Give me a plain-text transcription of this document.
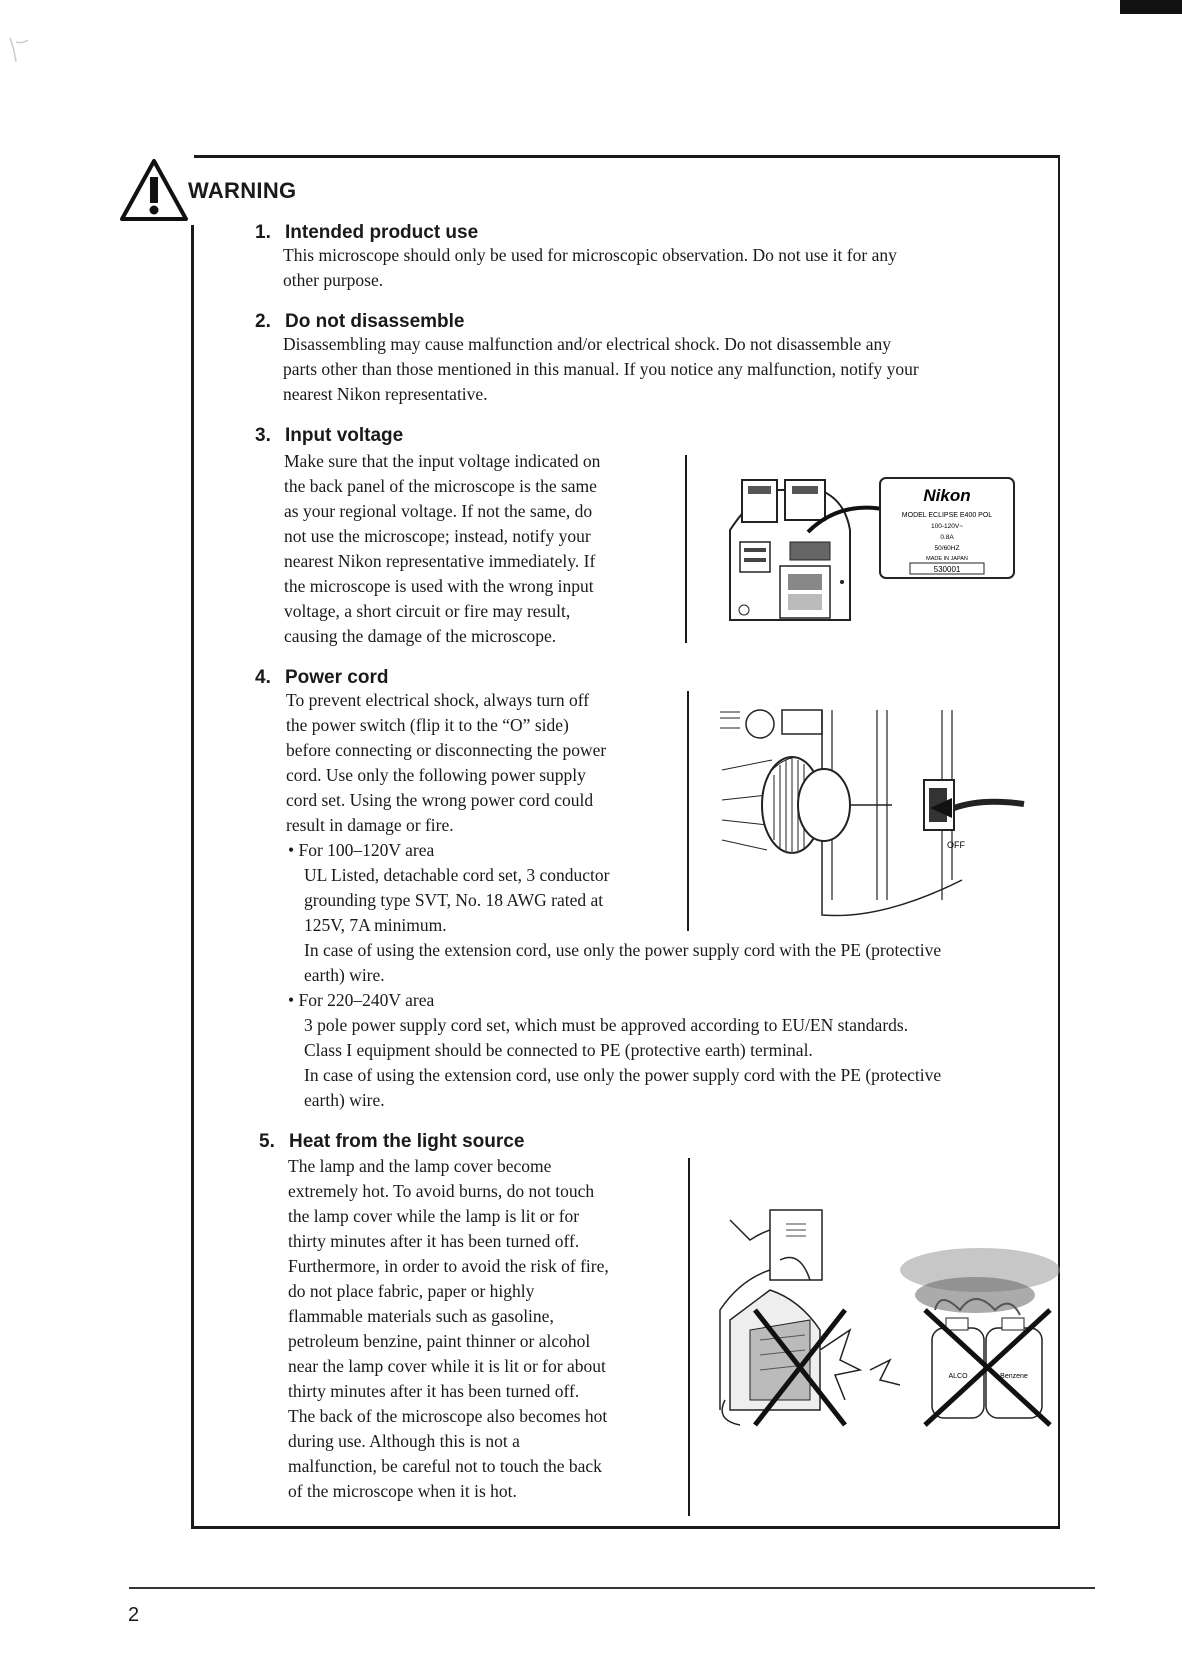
WARNING
1. Intended product use
This microscope should only be used for microscopic observation. Do not use it for any
other purpose.
2. Do not disassemble
Disassembling may cause malfunction and/or electrical shock. Do not disassemble any
parts other than those mentioned in this manual. If you notice any malfunction, notify your
nearest Nikon representative.
3. Input voltage
Make sure that the input voltage indicated on
the back panel of the microscope is the same
as your regional voltage. If not the same, do
not use the microscope; instead, notify your
nearest Nikon representative immediately. If
the microscope is used with the wrong input
voltage, a short circuit or fire may result,
causing the damage of the microscope.
Nikon
MODEL ECLIPSE E400 POL
100-120V~
0.8A
50/60HZ
MADE IN JAPAN
530001
4. Power cord
To prevent electrical shock, always turn off
the power switch (flip it to the “O” side)
before connecting or disconnecting the power
cord. Use only the following power supply
cord set. Using the wrong power cord could
result in damage or fire.
• For 100–120V area
UL Listed, detachable cord set, 3 conductor
grounding type SVT, No. 18 AWG rated at
125V, 7A minimum.
In case of using the extension cord, use only the power supply cord with the PE (protective
earth) wire.
• For 220–240V area
3 pole power supply cord set, which must be approved according to EU/EN standards.
Class I equipment should be connected to PE (protective earth) terminal.
In case of using the extension cord, use only the power supply cord with the PE (protective
earth) wire.
OFF
5. Heat from the light source
The lamp and the lamp cover become
extremely hot. To avoid burns, do not touch
the lamp cover while the lamp is lit or for
thirty minutes after it has been turned off.
Furthermore, in order to avoid the risk of fire,
do not place fabric, paper or highly
flammable materials such as gasoline,
petroleum benzine, paint thinner or alcohol
near the lamp cover while it is lit or for about
thirty minutes after it has been turned off.
The back of the microscope also becomes hot
during use. Although this is not a
malfunction, be careful not to touch the back
of the microscope when it is hot.
ALCO	Benzene
2
